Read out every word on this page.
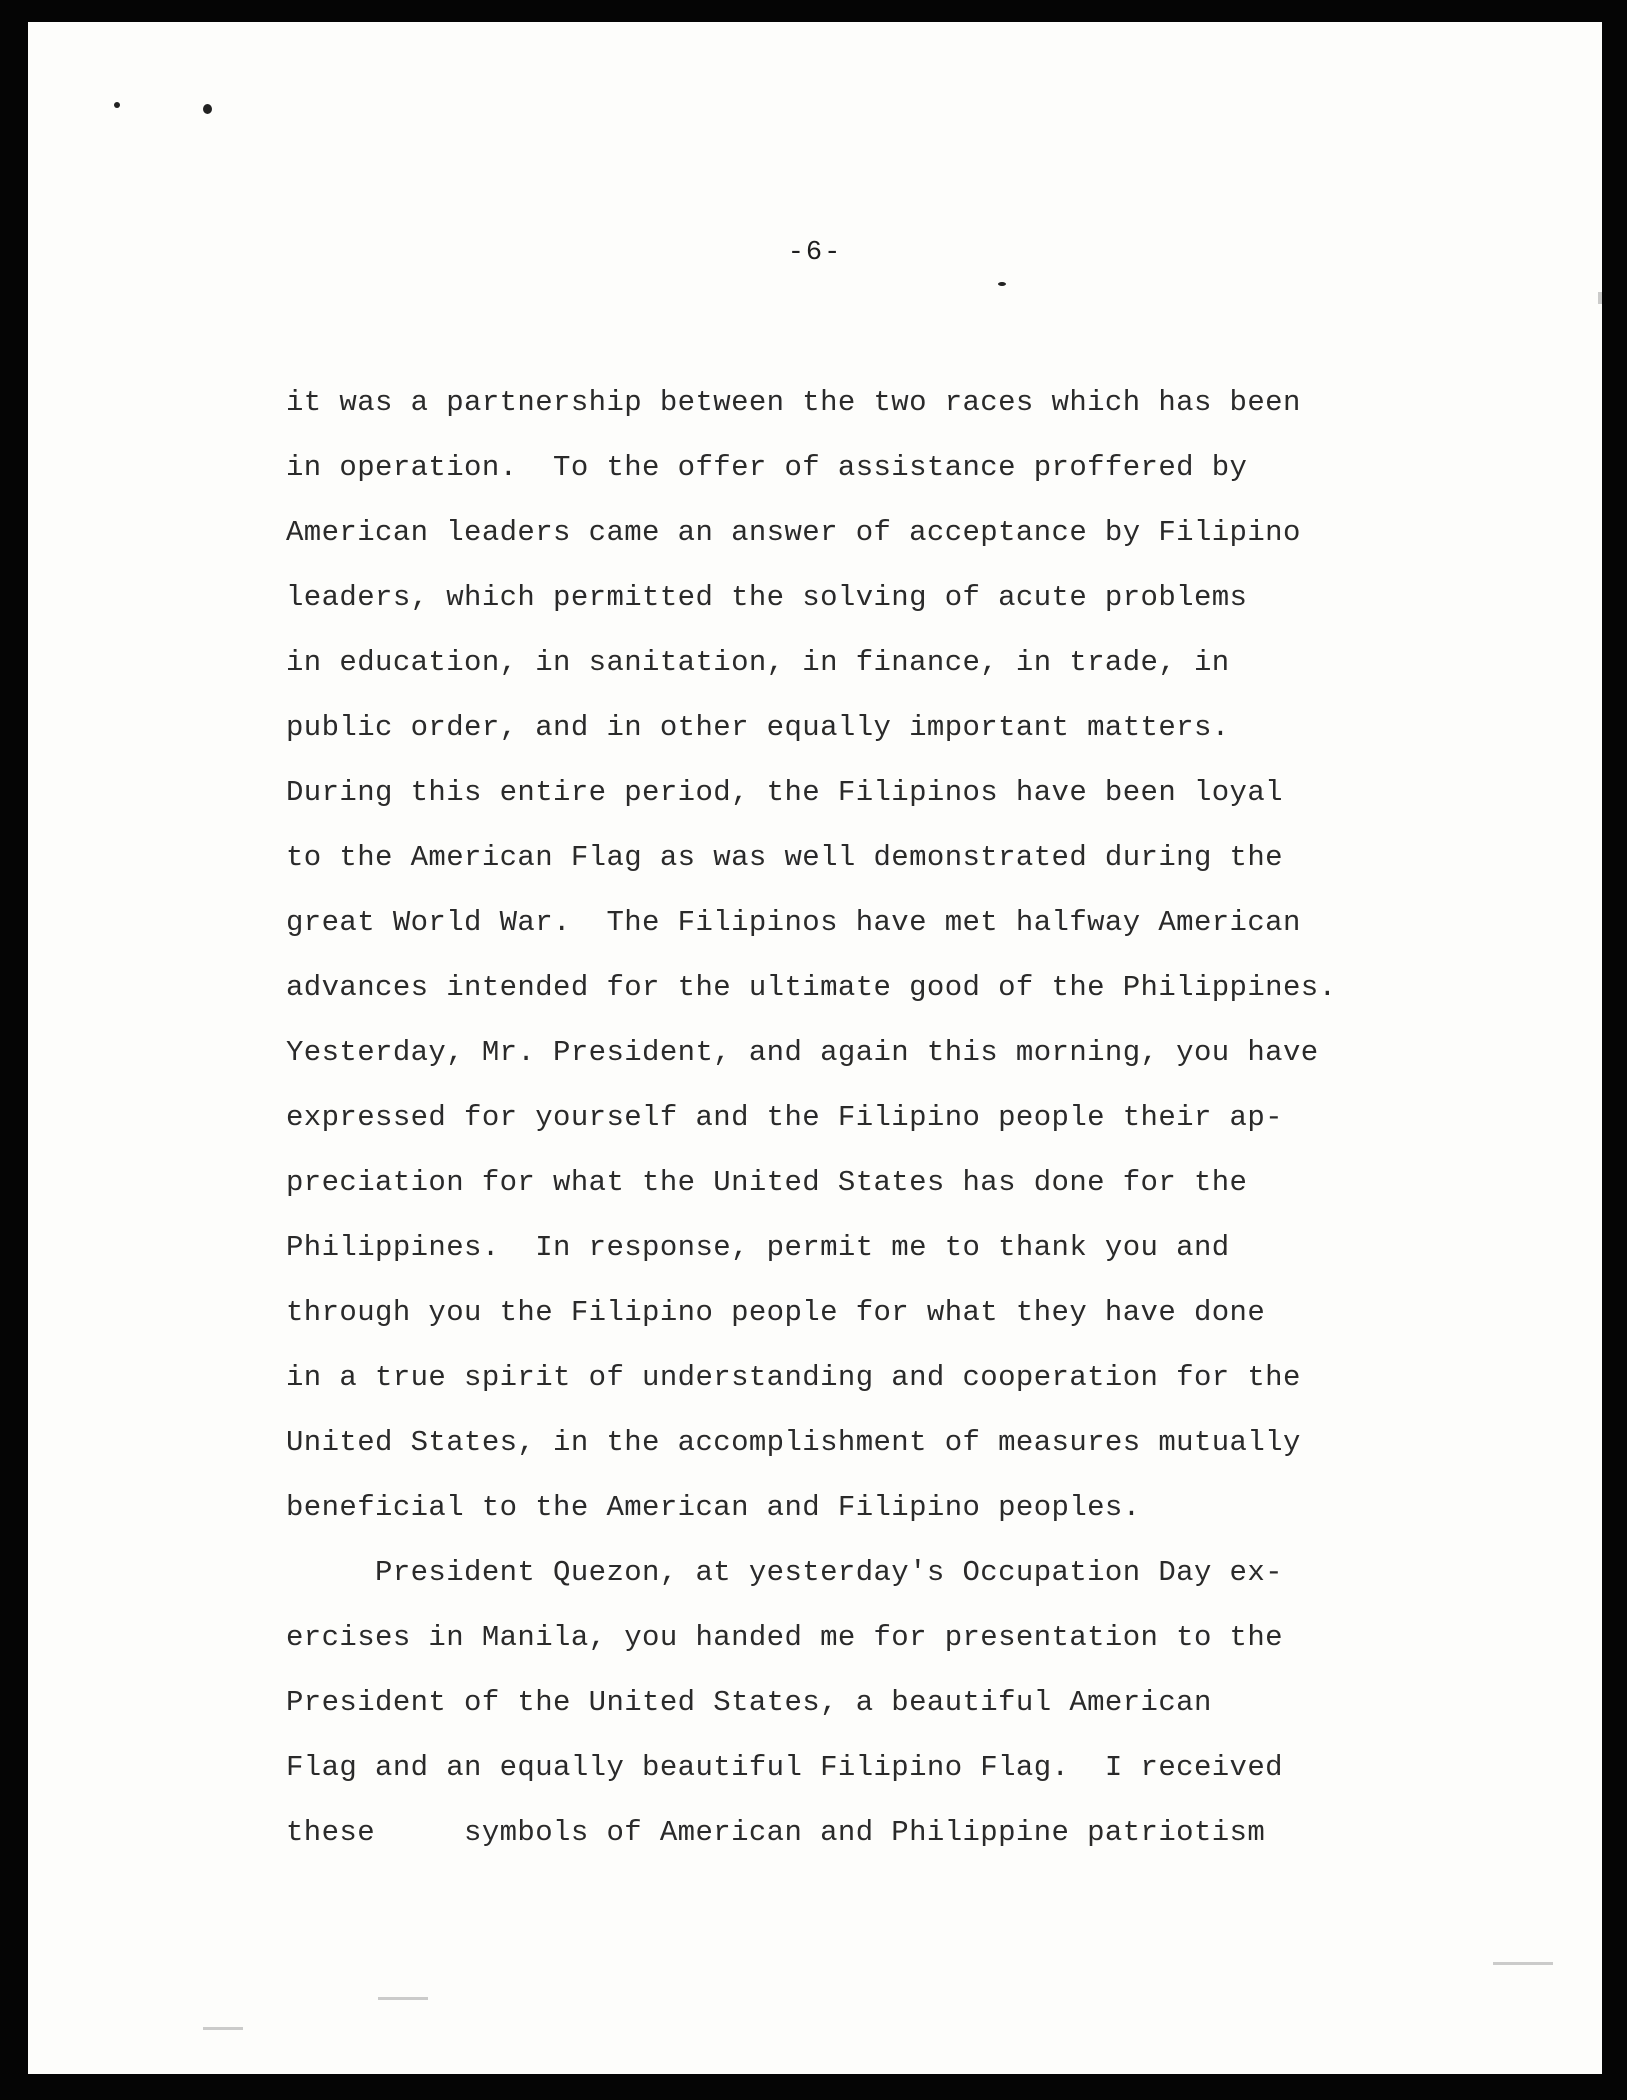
-6-
it was a partnership between the two races which has been
in operation.  To the offer of assistance proffered by
American leaders came an answer of acceptance by Filipino
leaders, which permitted the solving of acute problems
in education, in sanitation, in finance, in trade, in
public order, and in other equally important matters.
During this entire period, the Filipinos have been loyal
to the American Flag as was well demonstrated during the
great World War.  The Filipinos have met halfway American
advances intended for the ultimate good of the Philippines.
Yesterday, Mr. President, and again this morning, you have
expressed for yourself and the Filipino people their ap-
preciation for what the United States has done for the
Philippines.  In response, permit me to thank you and
through you the Filipino people for what they have done
in a true spirit of understanding and cooperation for the
United States, in the accomplishment of measures mutually
beneficial to the American and Filipino peoples.
President Quezon, at yesterday's Occupation Day ex-
ercises in Manila, you handed me for presentation to the
President of the United States, a beautiful American
Flag and an equally beautiful Filipino Flag.  I received
these     symbols of American and Philippine patriotism
